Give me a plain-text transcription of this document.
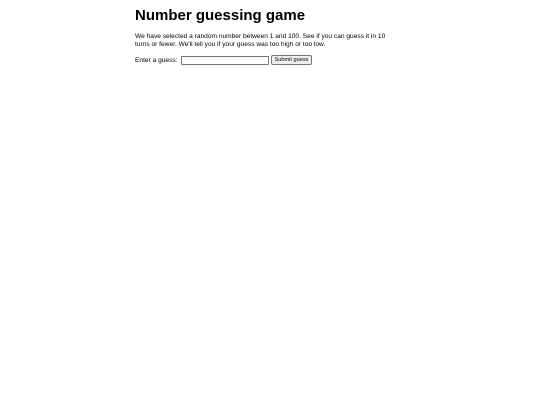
Number guessing game

We have selected a random number between 1 and 100. See if you can guess it in 10 turns or fewer. We'll tell you if your guess was too high or too low.

Enter a guess:	Submit guess
